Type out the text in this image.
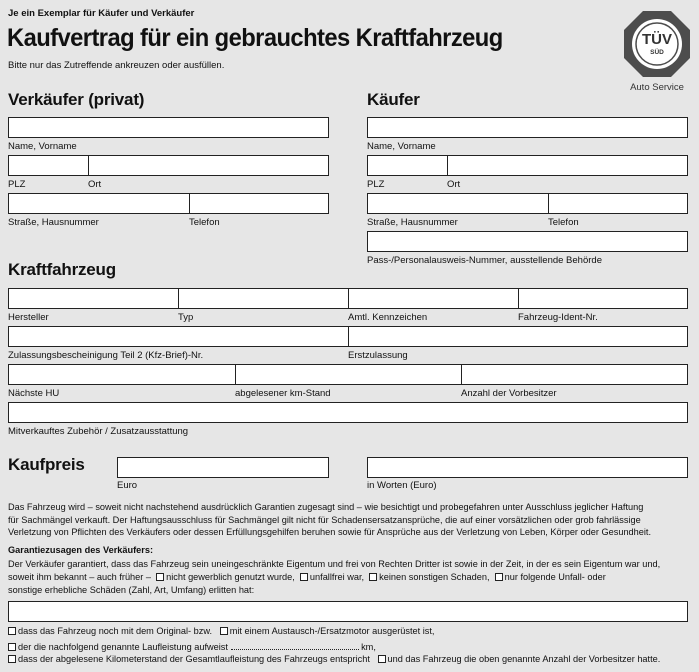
Je ein Exemplar für Käufer und Verkäufer
Kaufvertrag für ein gebrauchtes Kraftfahrzeug
Bitte nur das Zutreffende ankreuzen oder ausfüllen.
TÜV
SÜD
Auto Service
Verkäufer (privat)
Name, Vorname
PLZ	Ort
Straße, Hausnummer	Telefon
Käufer
Name, Vorname
PLZ	Ort
Straße, Hausnummer	Telefon
Pass-/Personalausweis-Nummer, ausstellende Behörde
Kraftfahrzeug
Hersteller	Typ	Amtl. Kennzeichen	Fahrzeug-Ident-Nr.
Zulassungsbescheinigung Teil 2 (Kfz-Brief)-Nr.	Erstzulassung
Nächste HU	abgelesener km-Stand	Anzahl der Vorbesitzer
Mitverkauftes Zubehör / Zusatzausstattung
Kaufpreis
Euro	in Worten (Euro)
Das Fahrzeug wird – soweit nicht nachstehend ausdrücklich Garantien zugesagt sind – wie besichtigt und probegefahren unter Ausschluss jeglicher Haftung
für Sachmängel verkauft. Der Haftungsausschluss für Sachmängel gilt nicht für Schadensersatzansprüche, die auf einer vorsätzlichen oder grob fahrlässige
Verletzung von Pflichten des Verkäufers oder dessen Erfüllungsgehilfen beruhen sowie für Ansprüche aus der Verletzung von Leben, Körper oder Gesundheit.
Garantiezusagen des Verkäufers:
Der Verkäufer garantiert, dass das Fahrzeug sein uneingeschränkte Eigentum und frei von Rechten Dritter ist sowie in der Zeit, in der es sein Eigentum war und,
soweit ihm bekannt – auch früher – nicht gewerblich genutzt wurde, unfallfrei war, keinen sonstigen Schaden, nur folgende Unfall- oder
sonstige erhebliche Schäden (Zahl, Art, Umfang) erlitten hat:
dass das Fahrzeug noch mit dem Original- bzw. mit einem Austausch-/Ersatzmotor ausgerüstet ist,
der die nachfolgend genannte Laufleistung aufweist	km,
dass der abgelesene Kilometerstand der Gesamtlaufleistung des Fahrzeugs entspricht und das Fahrzeug die oben genannte Anzahl der Vorbesitzer hatte.
